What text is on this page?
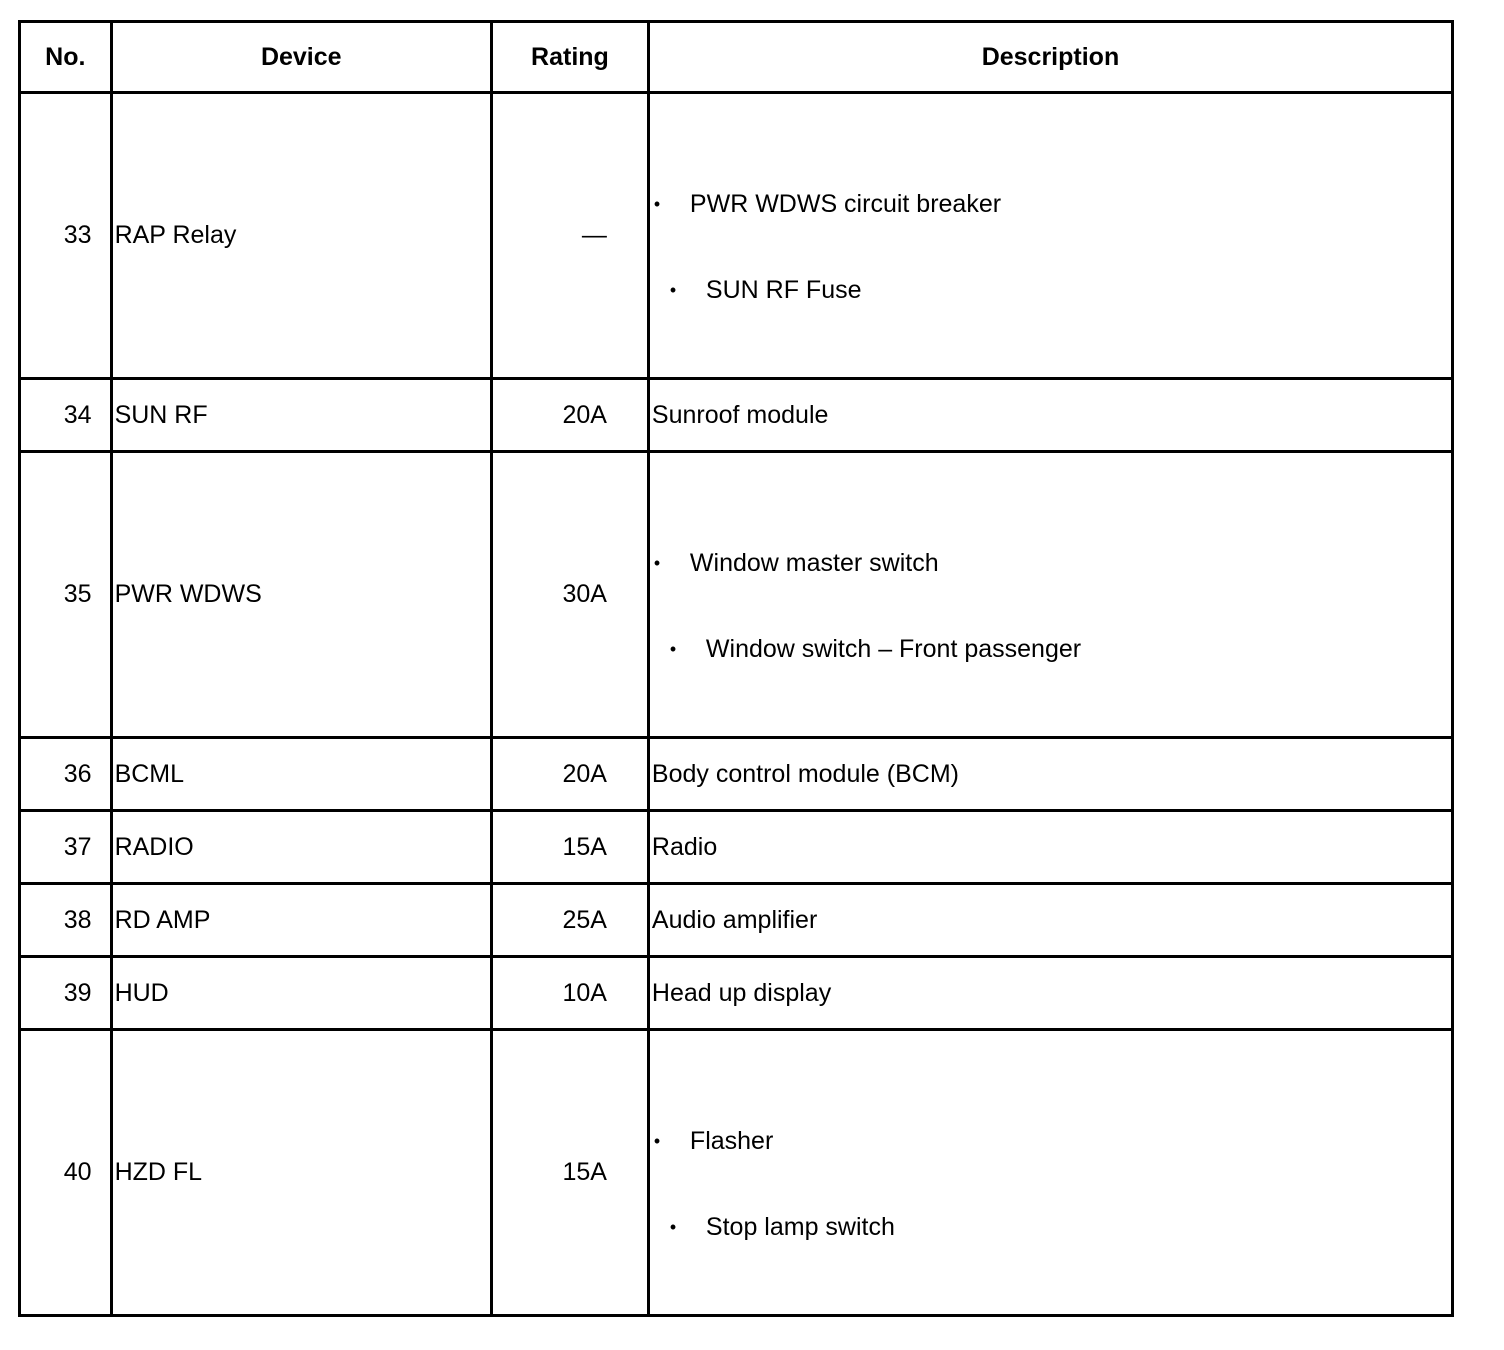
No.	Device	Rating	Description
33	RAP Relay	—	• PWR WDWS circuit breaker
• SUN RF Fuse

34	SUN RF	20A	Sunroof module
35	PWR WDWS	30A	• Window master switch
• Window switch – Front passenger

36	BCML	20A	Body control module (BCM)
37	RADIO	15A	Radio
38	RD AMP	25A	Audio amplifier
39	HUD	10A	Head up display
40	HZD FL	15A	• Flasher
• Stop lamp switch
